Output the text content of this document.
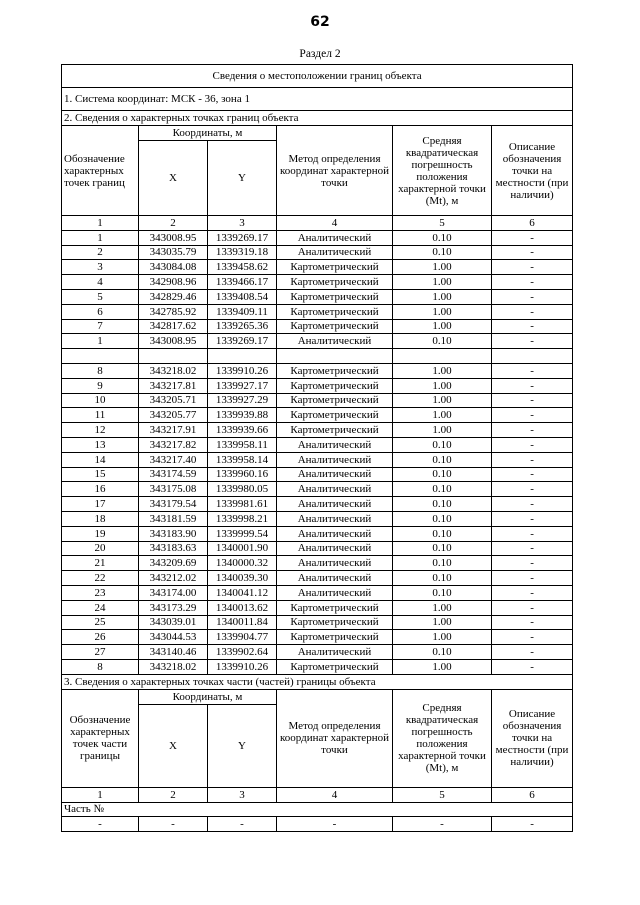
62
Раздел 2
Сведения о местоположении границ объекта					
1. Система координат: МСК - 36, зона 1					
2. Сведения о характерных точках границ объекта					
Обозначение характерных точек границ	Координаты, м		Метод определения координат характерной точки	Средняя квадратическая погрешность положения характерной точки (Mt), м	Описание обозначения точки на местности (при наличии)
	X	Y			
1	2	3	4	5	6
1	343008.95	1339269.17	Аналитический	0.10	-
2	343035.79	1339319.18	Аналитический	0.10	-
3	343084.08	1339458.62	Картометрический	1.00	-
4	342908.96	1339466.17	Картометрический	1.00	-
5	342829.46	1339408.54	Картометрический	1.00	-
6	342785.92	1339409.11	Картометрический	1.00	-
7	342817.62	1339265.36	Картометрический	1.00	-
1	343008.95	1339269.17	Аналитический	0.10	-

8	343218.02	1339910.26	Картометрический	1.00	-
9	343217.81	1339927.17	Картометрический	1.00	-
10	343205.71	1339927.29	Картометрический	1.00	-
11	343205.77	1339939.88	Картометрический	1.00	-
12	343217.91	1339939.66	Картометрический	1.00	-
13	343217.82	1339958.11	Аналитический	0.10	-
14	343217.40	1339958.14	Аналитический	0.10	-
15	343174.59	1339960.16	Аналитический	0.10	-
16	343175.08	1339980.05	Аналитический	0.10	-
17	343179.54	1339981.61	Аналитический	0.10	-
18	343181.59	1339998.21	Аналитический	0.10	-
19	343183.90	1339999.54	Аналитический	0.10	-
20	343183.63	1340001.90	Аналитический	0.10	-
21	343209.69	1340000.32	Аналитический	0.10	-
22	343212.02	1340039.30	Аналитический	0.10	-
23	343174.00	1340041.12	Аналитический	0.10	-
24	343173.29	1340013.62	Картометрический	1.00	-
25	343039.01	1340011.84	Картометрический	1.00	-
26	343044.53	1339904.77	Картометрический	1.00	-
27	343140.46	1339902.64	Аналитический	0.10	-
8	343218.02	1339910.26	Картометрический	1.00	-
3. Сведения о характерных точках части (частей) границы объекта					
Обозначение характерных точек части границы	Координаты, м		Метод определения координат характерной точки	Средняя квадратическая погрешность положения характерной точки (Mt), м	Описание обозначения точки на местности (при наличии)
	X	Y			
1	2	3	4	5	6
Часть №					
-	-	-	-	-	-
